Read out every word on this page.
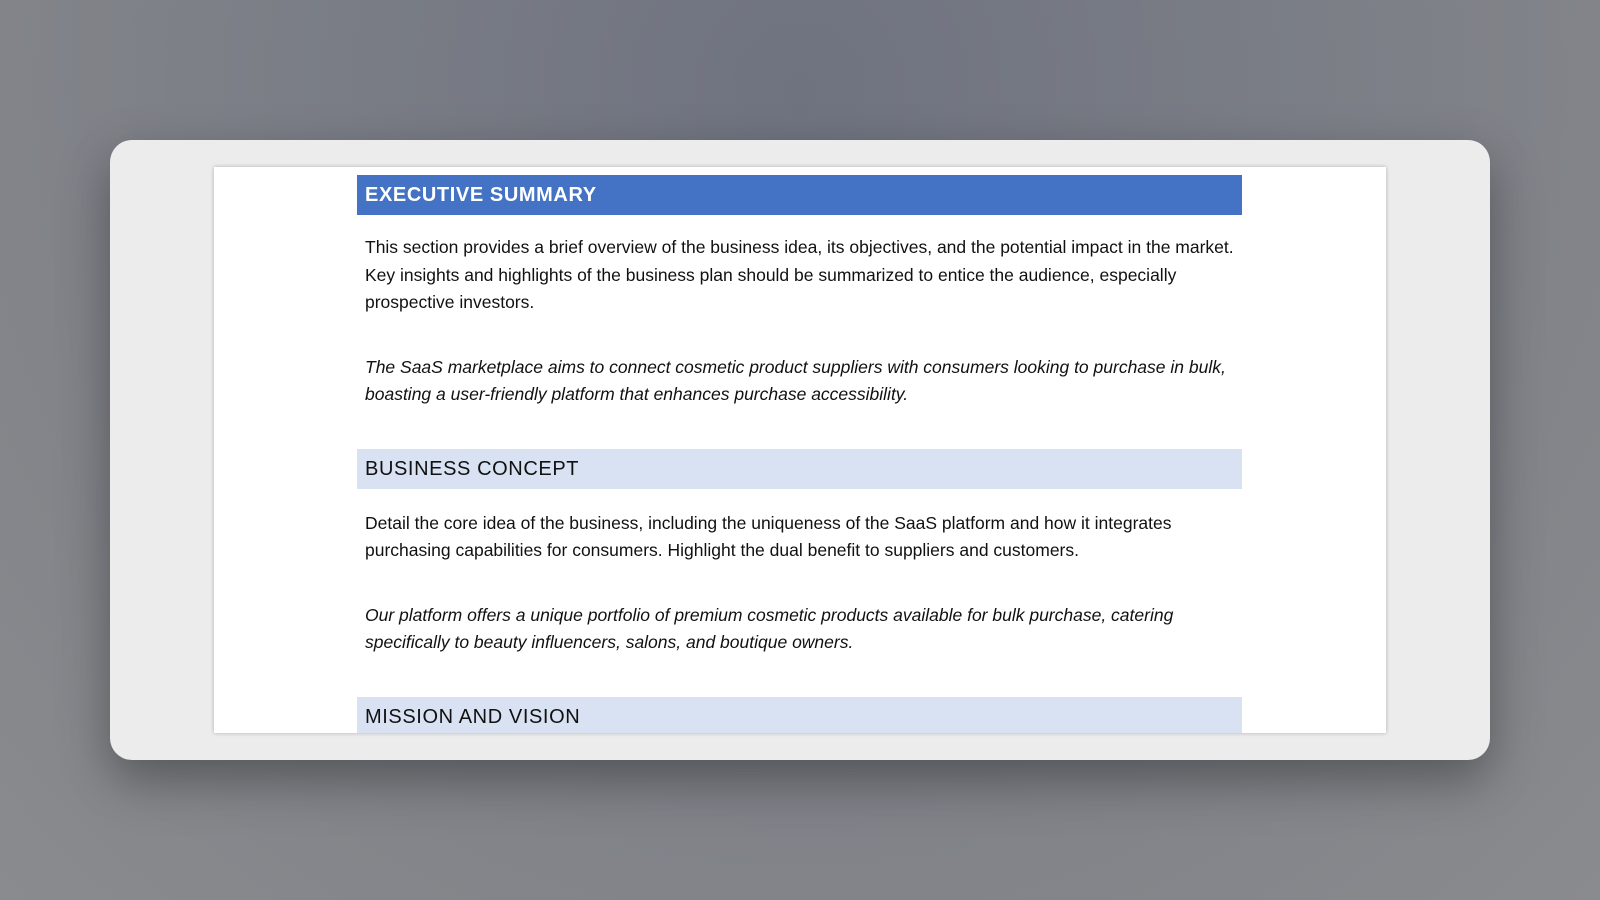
EXECUTIVE SUMMARY

This section provides a brief overview of the business idea, its objectives, and the potential impact in the market. Key insights and highlights of the business plan should be summarized to entice the audience, especially prospective investors.

The SaaS marketplace aims to connect cosmetic product suppliers with consumers looking to purchase in bulk, boasting a user-friendly platform that enhances purchase accessibility.

BUSINESS CONCEPT

Detail the core idea of the business, including the uniqueness of the SaaS platform and how it integrates purchasing capabilities for consumers. Highlight the dual benefit to suppliers and customers.

Our platform offers a unique portfolio of premium cosmetic products available for bulk purchase, catering specifically to beauty influencers, salons, and boutique owners.

MISSION AND VISION
